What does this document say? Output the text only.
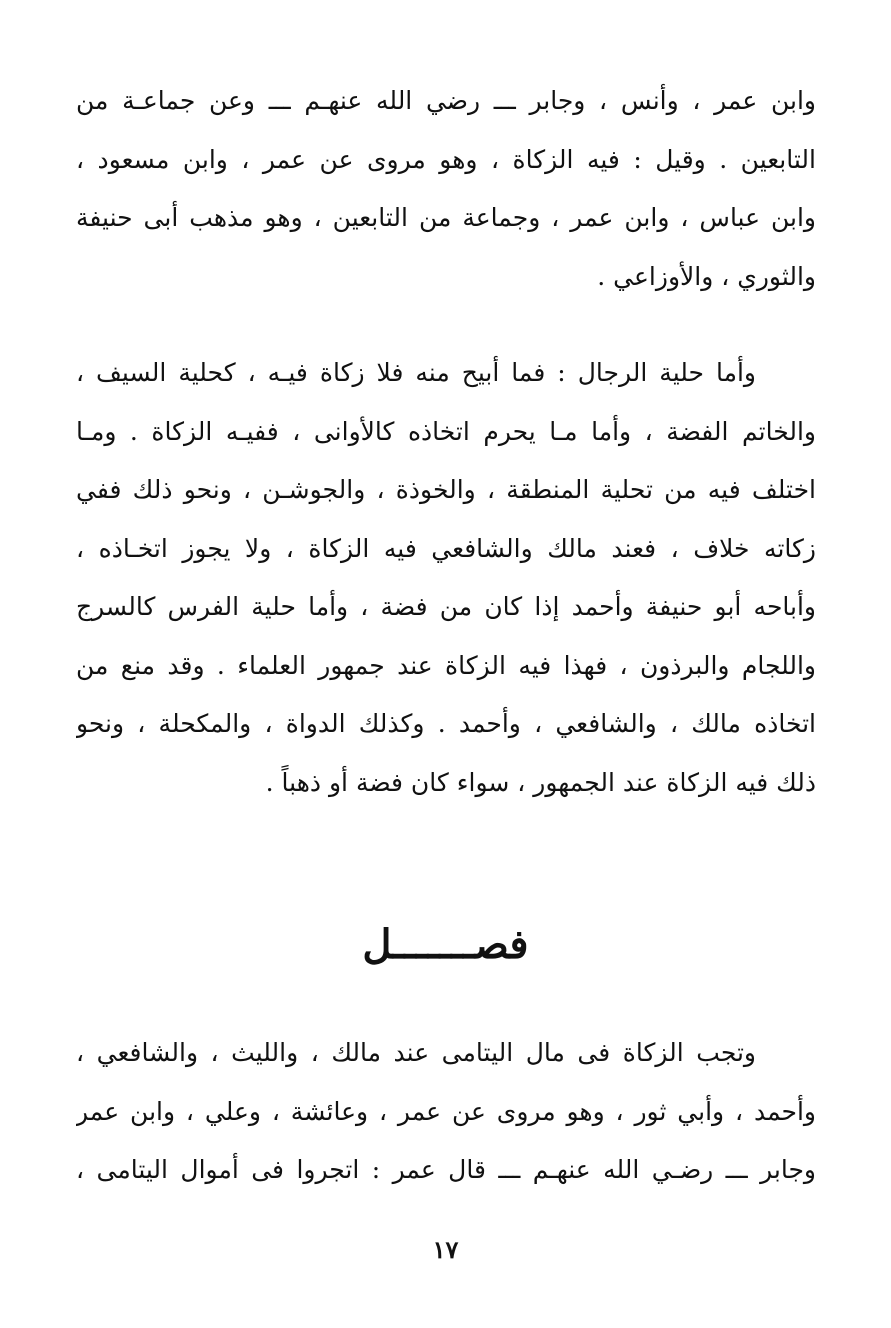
وابن عمر ، وأنس ، وجابر ـــ رضي الله عنهـم ـــ وعن جماعـة من
التابعين . وقيل : فيه الزكاة ، وهو مروى عن عمر ، وابن مسعود ،
وابن عباس ، وابن عمر ، وجماعة من التابعين ، وهو مذهب أبى حنيفة
والثوري ، والأوزاعي .
وأما حلية الرجال : فما أبيح منه فلا زكاة فيـه ، كحلية السيف ،
والخاتم الفضة ، وأما مـا يحرم اتخاذه كالأوانى ، ففيـه الزكاة . ومـا
اختلف فيه من تحلية المنطقة ، والخوذة ، والجوشـن ، ونحو ذلك ففي
زكاته خلاف ، فعند مالك والشافعي فيه الزكاة ، ولا يجوز اتخـاذه ،
وأباحه أبو حنيفة وأحمد إذا كان من فضة ، وأما حلية الفرس كالسرج
واللجام والبرذون ، فهذا فيه الزكاة عند جمهور العلماء . وقد منع من
اتخاذه مالك ، والشافعي ، وأحمد . وكذلك الدواة ، والمكحلة ، ونحو
ذلك فيه الزكاة عند الجمهور ، سواء كان فضة أو ذهباً .
فصـــــــل
وتجب الزكاة فى مال اليتامى عند مالك ، والليث ، والشافعي ،
وأحمد ، وأبي ثور ، وهو مروى عن عمر ، وعائشة ، وعلي ، وابن عمر
وجابر ـــ رضـي الله عنهـم ـــ قال عمر : اتجروا فى أموال اليتامى ،
١٧
